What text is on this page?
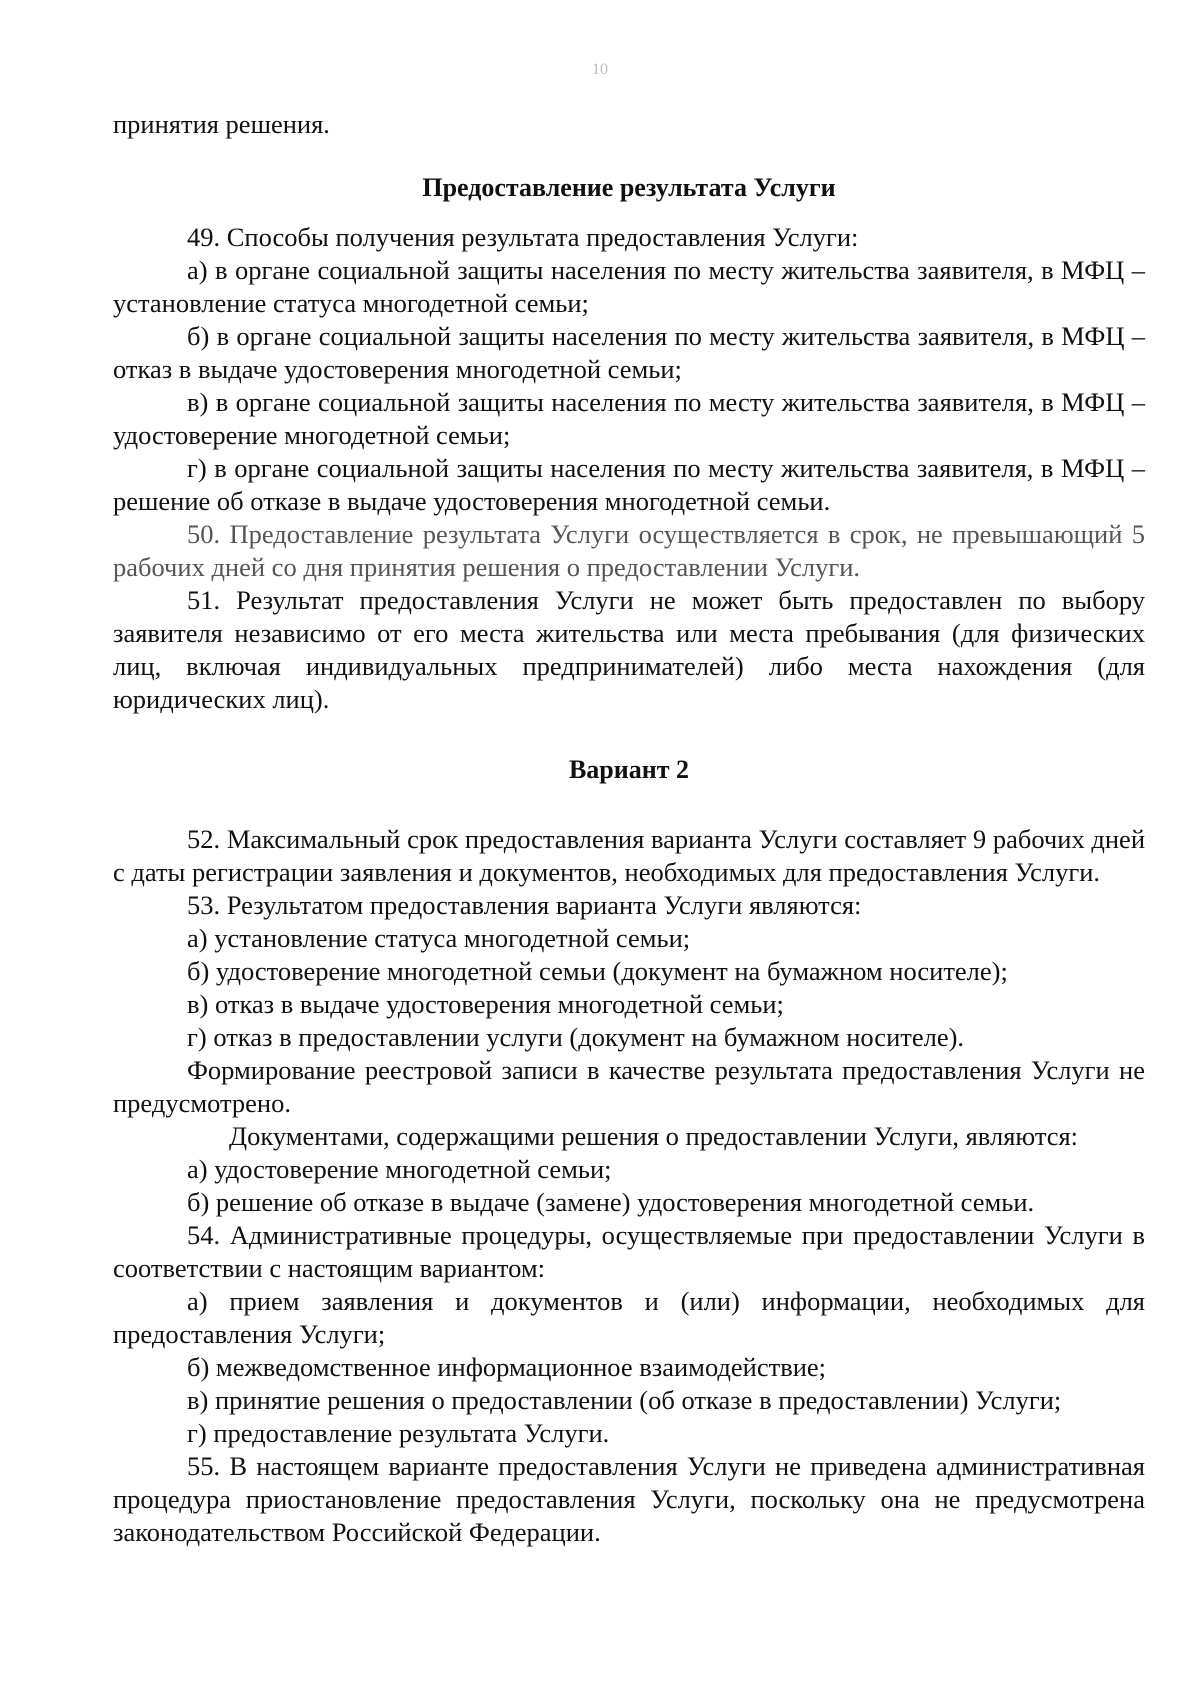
10

принятия решения.

Предоставление результата Услуги

49. Способы получения результата предоставления Услуги:

а) в органе социальной защиты населения по месту жительства заявителя, в МФЦ – установление статуса многодетной семьи;

б) в органе социальной защиты населения по месту жительства заявителя, в МФЦ – отказ в выдаче удостоверения многодетной семьи;

в) в органе социальной защиты населения по месту жительства заявителя, в МФЦ – удостоверение многодетной семьи;

г) в органе социальной защиты населения по месту жительства заявителя, в МФЦ – решение об отказе в выдаче удостоверения многодетной семьи.

50. Предоставление результата Услуги осуществляется в срок, не превышающий 5 рабочих дней со дня принятия решения о предоставлении Услуги.

51. Результат предоставления Услуги не может быть предоставлен по выбору заявителя независимо от его места жительства или места пребывания (для физических лиц, включая индивидуальных предпринимателей) либо места нахождения (для юридических лиц).

Вариант 2

52. Максимальный срок предоставления варианта Услуги составляет 9 рабочих дней с даты регистрации заявления и документов, необходимых для предоставления Услуги.

53. Результатом предоставления варианта Услуги являются:

а) установление статуса многодетной семьи;

б) удостоверение многодетной семьи (документ на бумажном носителе);

в) отказ в выдаче удостоверения многодетной семьи;

г) отказ в предоставлении услуги (документ на бумажном носителе).

Формирование реестровой записи в качестве результата предоставления Услуги не предусмотрено.

Документами, содержащими решения о предоставлении Услуги, являются:

а) удостоверение многодетной семьи;

б) решение об отказе в выдаче (замене) удостоверения многодетной семьи.

54. Административные процедуры, осуществляемые при предоставлении Услуги в соответствии с настоящим вариантом:

а) прием заявления и документов и (или) информации, необходимых для предоставления Услуги;

б) межведомственное информационное взаимодействие;

в) принятие решения о предоставлении (об отказе в предоставлении) Услуги;

г) предоставление результата Услуги.

55. В настоящем варианте предоставления Услуги не приведена административная процедура приостановление предоставления Услуги, поскольку она не предусмотрена законодательством Российской Федерации.
